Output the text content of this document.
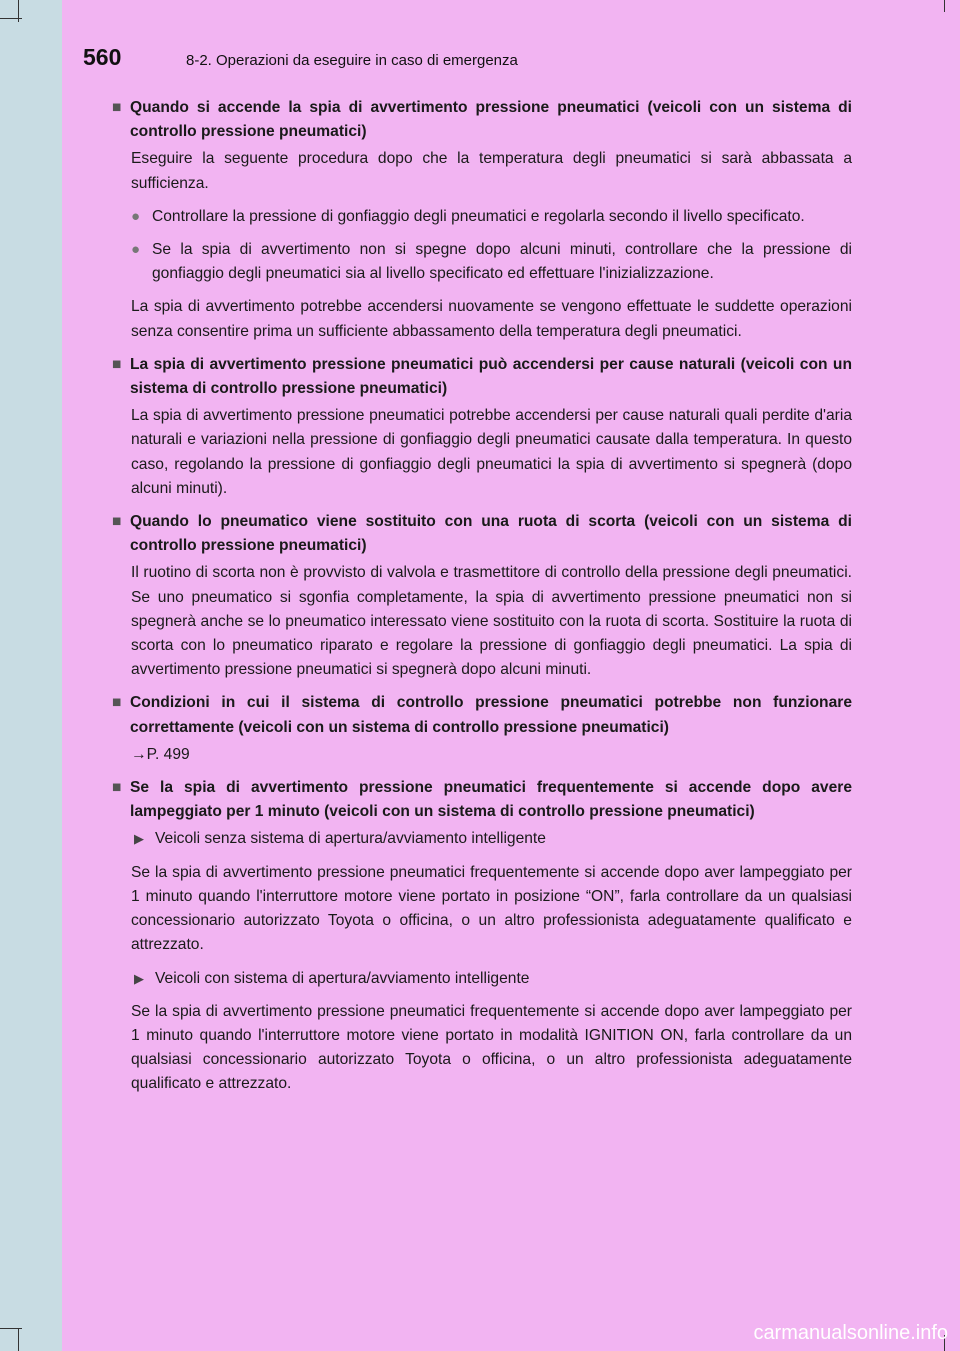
560	8-2. Operazioni da eseguire in caso di emergenza
■ Quando si accende la spia di avvertimento pressione pneumatici (veicoli con un sistema di controllo pressione pneumatici)
Eseguire la seguente procedura dopo che la temperatura degli pneumatici si sarà abbassata a sufficienza.
● Controllare la pressione di gonfiaggio degli pneumatici e regolarla secondo il livello specificato.
● Se la spia di avvertimento non si spegne dopo alcuni minuti, controllare che la pressione di gonfiaggio degli pneumatici sia al livello specificato ed effettuare l'inizializzazione.
La spia di avvertimento potrebbe accendersi nuovamente se vengono effettuate le suddette operazioni senza consentire prima un sufficiente abbassamento della temperatura degli pneumatici.
■ La spia di avvertimento pressione pneumatici può accendersi per cause naturali (veicoli con un sistema di controllo pressione pneumatici)
La spia di avvertimento pressione pneumatici potrebbe accendersi per cause naturali quali perdite d'aria naturali e variazioni nella pressione di gonfiaggio degli pneumatici causate dalla temperatura. In questo caso, regolando la pressione di gonfiaggio degli pneumatici la spia di avvertimento si spegnerà (dopo alcuni minuti).
■ Quando lo pneumatico viene sostituito con una ruota di scorta (veicoli con un sistema di controllo pressione pneumatici)
Il ruotino di scorta non è provvisto di valvola e trasmettitore di controllo della pressione degli pneumatici. Se uno pneumatico si sgonfia completamente, la spia di avvertimento pressione pneumatici non si spegnerà anche se lo pneumatico interessato viene sostituito con la ruota di scorta. Sostituire la ruota di scorta con lo pneumatico riparato e regolare la pressione di gonfiaggio degli pneumatici. La spia di avvertimento pressione pneumatici si spegnerà dopo alcuni minuti.
■ Condizioni in cui il sistema di controllo pressione pneumatici potrebbe non funzionare correttamente (veicoli con un sistema di controllo pressione pneumatici)
→P. 499
■ Se la spia di avvertimento pressione pneumatici frequentemente si accende dopo avere lampeggiato per 1 minuto (veicoli con un sistema di controllo pressione pneumatici)
▶ Veicoli senza sistema di apertura/avviamento intelligente
Se la spia di avvertimento pressione pneumatici frequentemente si accende dopo aver lampeggiato per 1 minuto quando l'interruttore motore viene portato in posizione “ON”, farla controllare da un qualsiasi concessionario autorizzato Toyota o officina, o un altro professionista adeguatamente qualificato e attrezzato.
▶ Veicoli con sistema di apertura/avviamento intelligente
Se la spia di avvertimento pressione pneumatici frequentemente si accende dopo aver lampeggiato per 1 minuto quando l'interruttore motore viene portato in modalità IGNITION ON, farla controllare da un qualsiasi concessionario autorizzato Toyota o officina, o un altro professionista adeguatamente qualificato e attrezzato.
carmanualsonline.info
